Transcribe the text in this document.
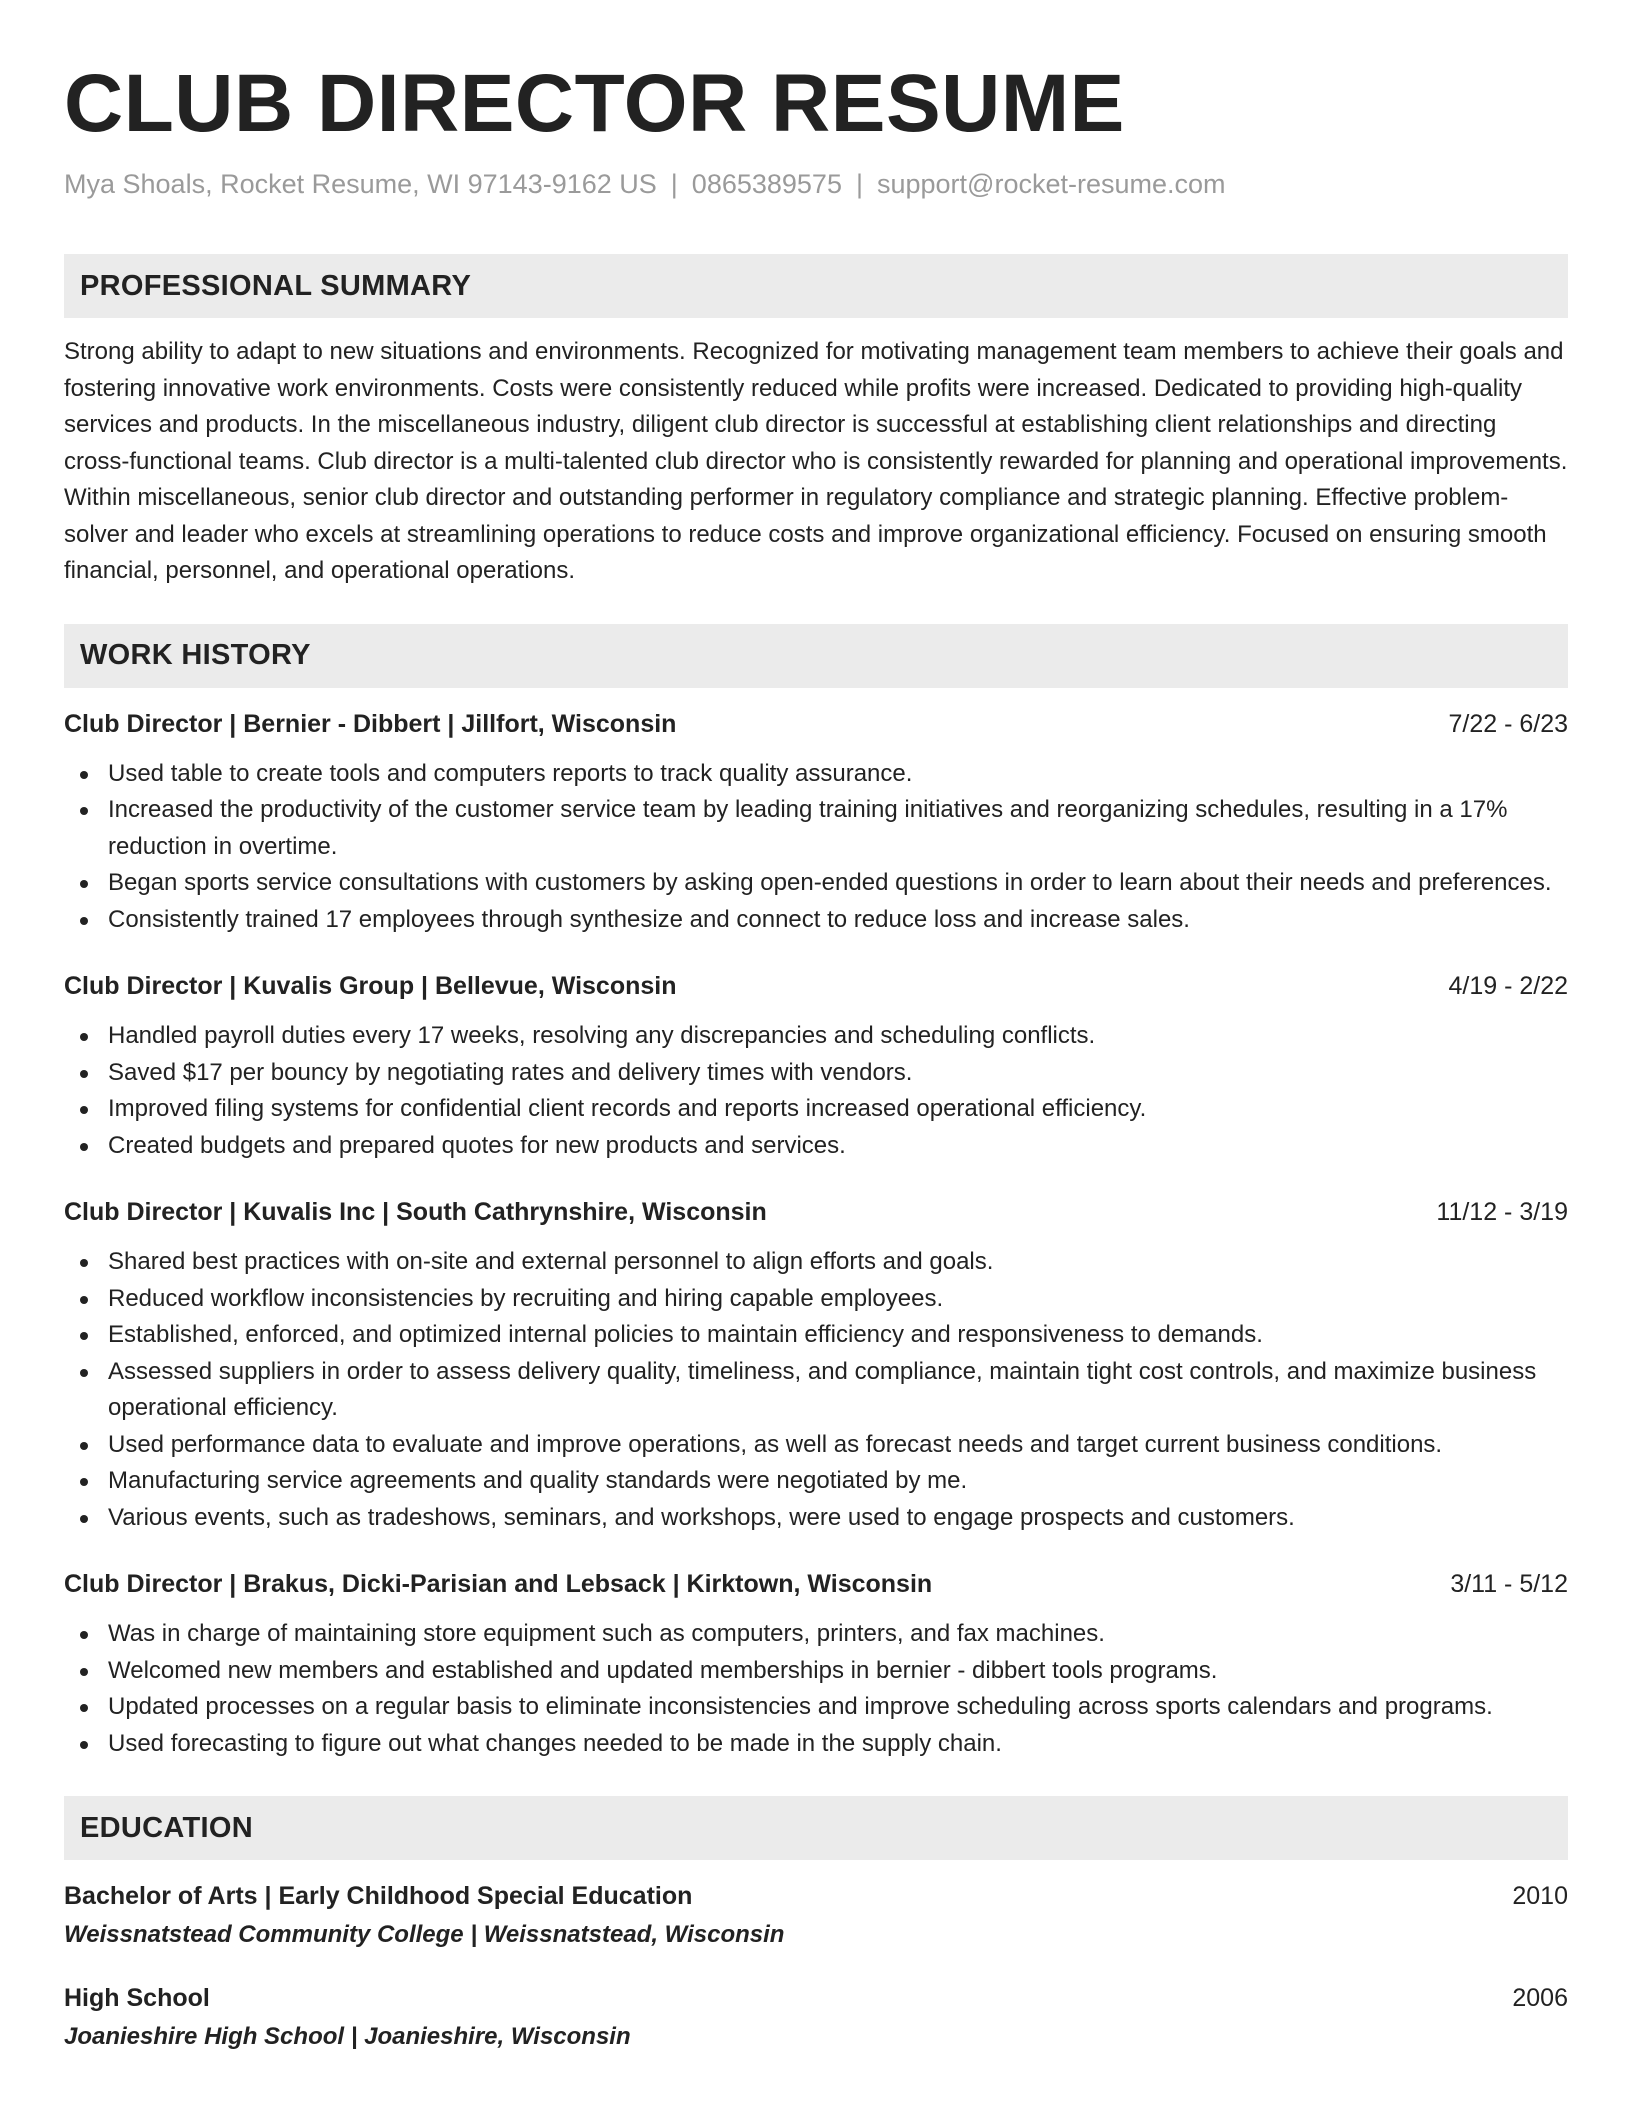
CLUB DIRECTOR RESUME
Mya Shoals, Rocket Resume, WI 97143-9162 US | 0865389575 | support@rocket-resume.com
PROFESSIONAL SUMMARY
Strong ability to adapt to new situations and environments. Recognized for motivating management team members to achieve their goals and fostering innovative work environments. Costs were consistently reduced while profits were increased. Dedicated to providing high-quality services and products. In the miscellaneous industry, diligent club director is successful at establishing client relationships and directing cross-functional teams. Club director is a multi-talented club director who is consistently rewarded for planning and operational improvements. Within miscellaneous, senior club director and outstanding performer in regulatory compliance and strategic planning. Effective problem-solver and leader who excels at streamlining operations to reduce costs and improve organizational efficiency. Focused on ensuring smooth financial, personnel, and operational operations.
WORK HISTORY
Club Director | Bernier - Dibbert | Jillfort, Wisconsin	7/22 - 6/23
Used table to create tools and computers reports to track quality assurance.
Increased the productivity of the customer service team by leading training initiatives and reorganizing schedules, resulting in a 17% reduction in overtime.
Began sports service consultations with customers by asking open-ended questions in order to learn about their needs and preferences.
Consistently trained 17 employees through synthesize and connect to reduce loss and increase sales.
Club Director | Kuvalis Group | Bellevue, Wisconsin	4/19 - 2/22
Handled payroll duties every 17 weeks, resolving any discrepancies and scheduling conflicts.
Saved $17 per bouncy by negotiating rates and delivery times with vendors.
Improved filing systems for confidential client records and reports increased operational efficiency.
Created budgets and prepared quotes for new products and services.
Club Director | Kuvalis Inc | South Cathrynshire, Wisconsin	11/12 - 3/19
Shared best practices with on-site and external personnel to align efforts and goals.
Reduced workflow inconsistencies by recruiting and hiring capable employees.
Established, enforced, and optimized internal policies to maintain efficiency and responsiveness to demands.
Assessed suppliers in order to assess delivery quality, timeliness, and compliance, maintain tight cost controls, and maximize business operational efficiency.
Used performance data to evaluate and improve operations, as well as forecast needs and target current business conditions.
Manufacturing service agreements and quality standards were negotiated by me.
Various events, such as tradeshows, seminars, and workshops, were used to engage prospects and customers.
Club Director | Brakus, Dicki-Parisian and Lebsack | Kirktown, Wisconsin	3/11 - 5/12
Was in charge of maintaining store equipment such as computers, printers, and fax machines.
Welcomed new members and established and updated memberships in bernier - dibbert tools programs.
Updated processes on a regular basis to eliminate inconsistencies and improve scheduling across sports calendars and programs.
Used forecasting to figure out what changes needed to be made in the supply chain.
EDUCATION
Bachelor of Arts | Early Childhood Special Education	2010
Weissnatstead Community College | Weissnatstead, Wisconsin
High School	2006
Joanieshire High School | Joanieshire, Wisconsin
